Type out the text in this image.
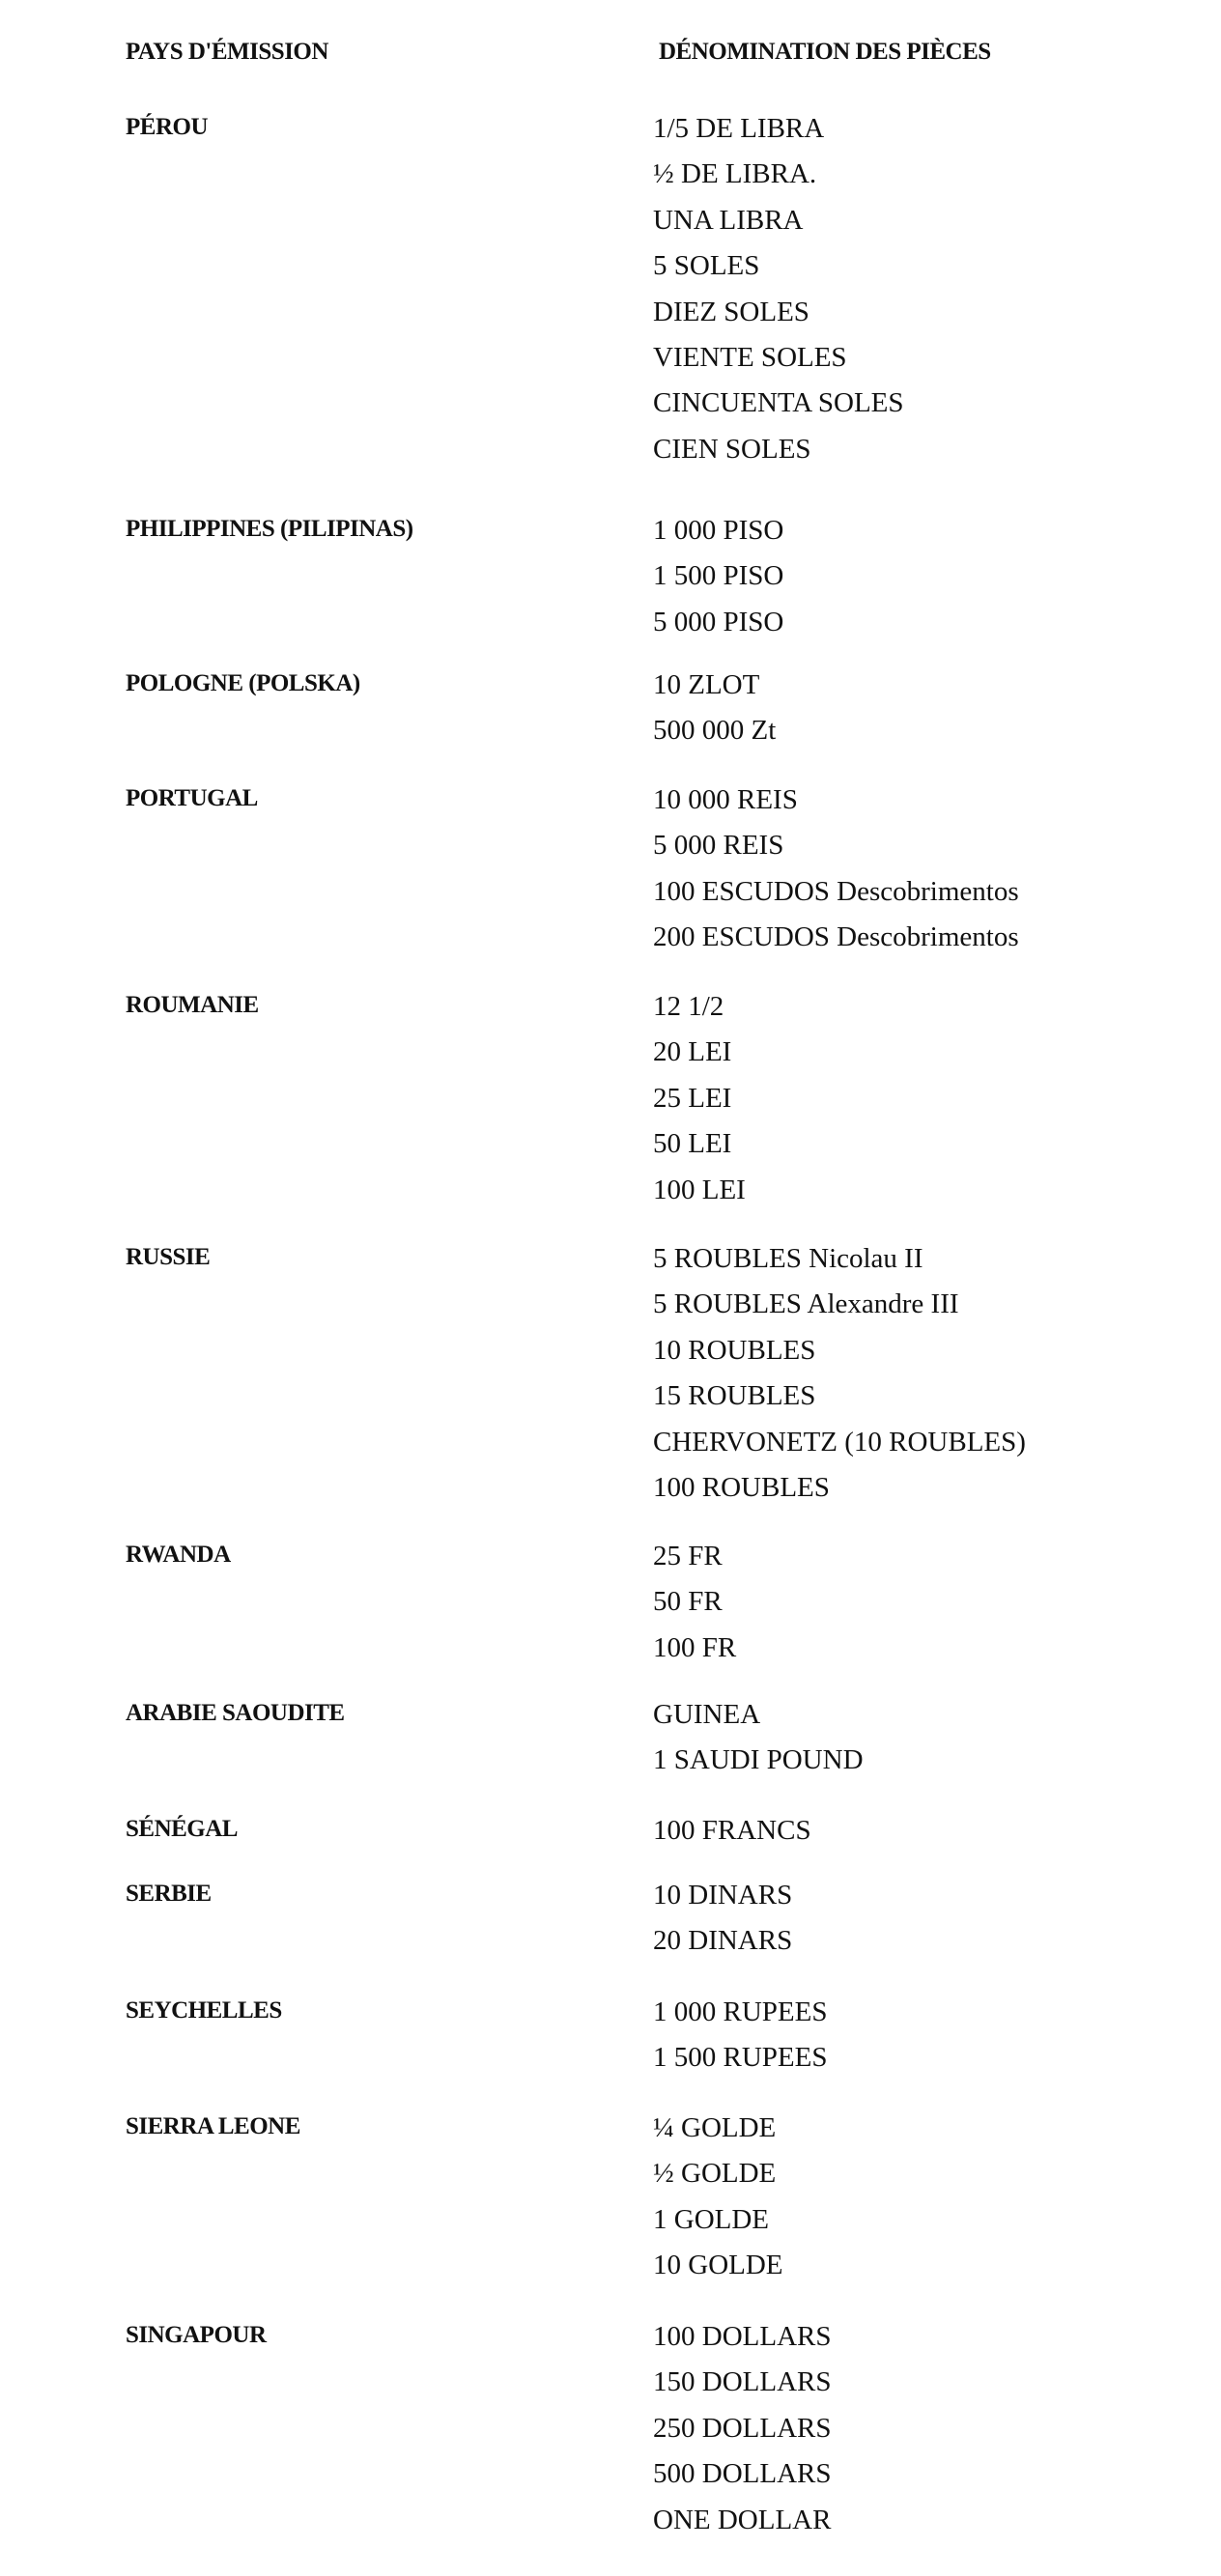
PAYS D'ÉMISSION	DÉNOMINATION DES PIÈCES
PÉROU	1/5 DE LIBRA
½ DE LIBRA.
UNA LIBRA
5 SOLES
DIEZ SOLES
VIENTE SOLES
CINCUENTA SOLES
CIEN SOLES
PHILIPPINES (PILIPINAS)	1 000 PISO
1 500 PISO
5 000 PISO
POLOGNE (POLSKA)	10 ZLOT
500 000 Zt
PORTUGAL	10 000 REIS
5 000 REIS
100 ESCUDOS Descobrimentos
200 ESCUDOS Descobrimentos
ROUMANIE	12 1/2
20 LEI
25 LEI
50 LEI
100 LEI
RUSSIE	5 ROUBLES Nicolau II
5 ROUBLES Alexandre III
10 ROUBLES
15 ROUBLES
CHERVONETZ (10 ROUBLES)
100 ROUBLES
RWANDA	25 FR
50 FR
100 FR
ARABIE SAOUDITE	GUINEA
1 SAUDI POUND
SÉNÉGAL	100 FRANCS
SERBIE	10 DINARS
20 DINARS
SEYCHELLES	1 000 RUPEES
1 500 RUPEES
SIERRA LEONE	¼ GOLDE
½ GOLDE
1 GOLDE
10 GOLDE
SINGAPOUR	100 DOLLARS
150 DOLLARS
250 DOLLARS
500 DOLLARS
ONE DOLLAR
